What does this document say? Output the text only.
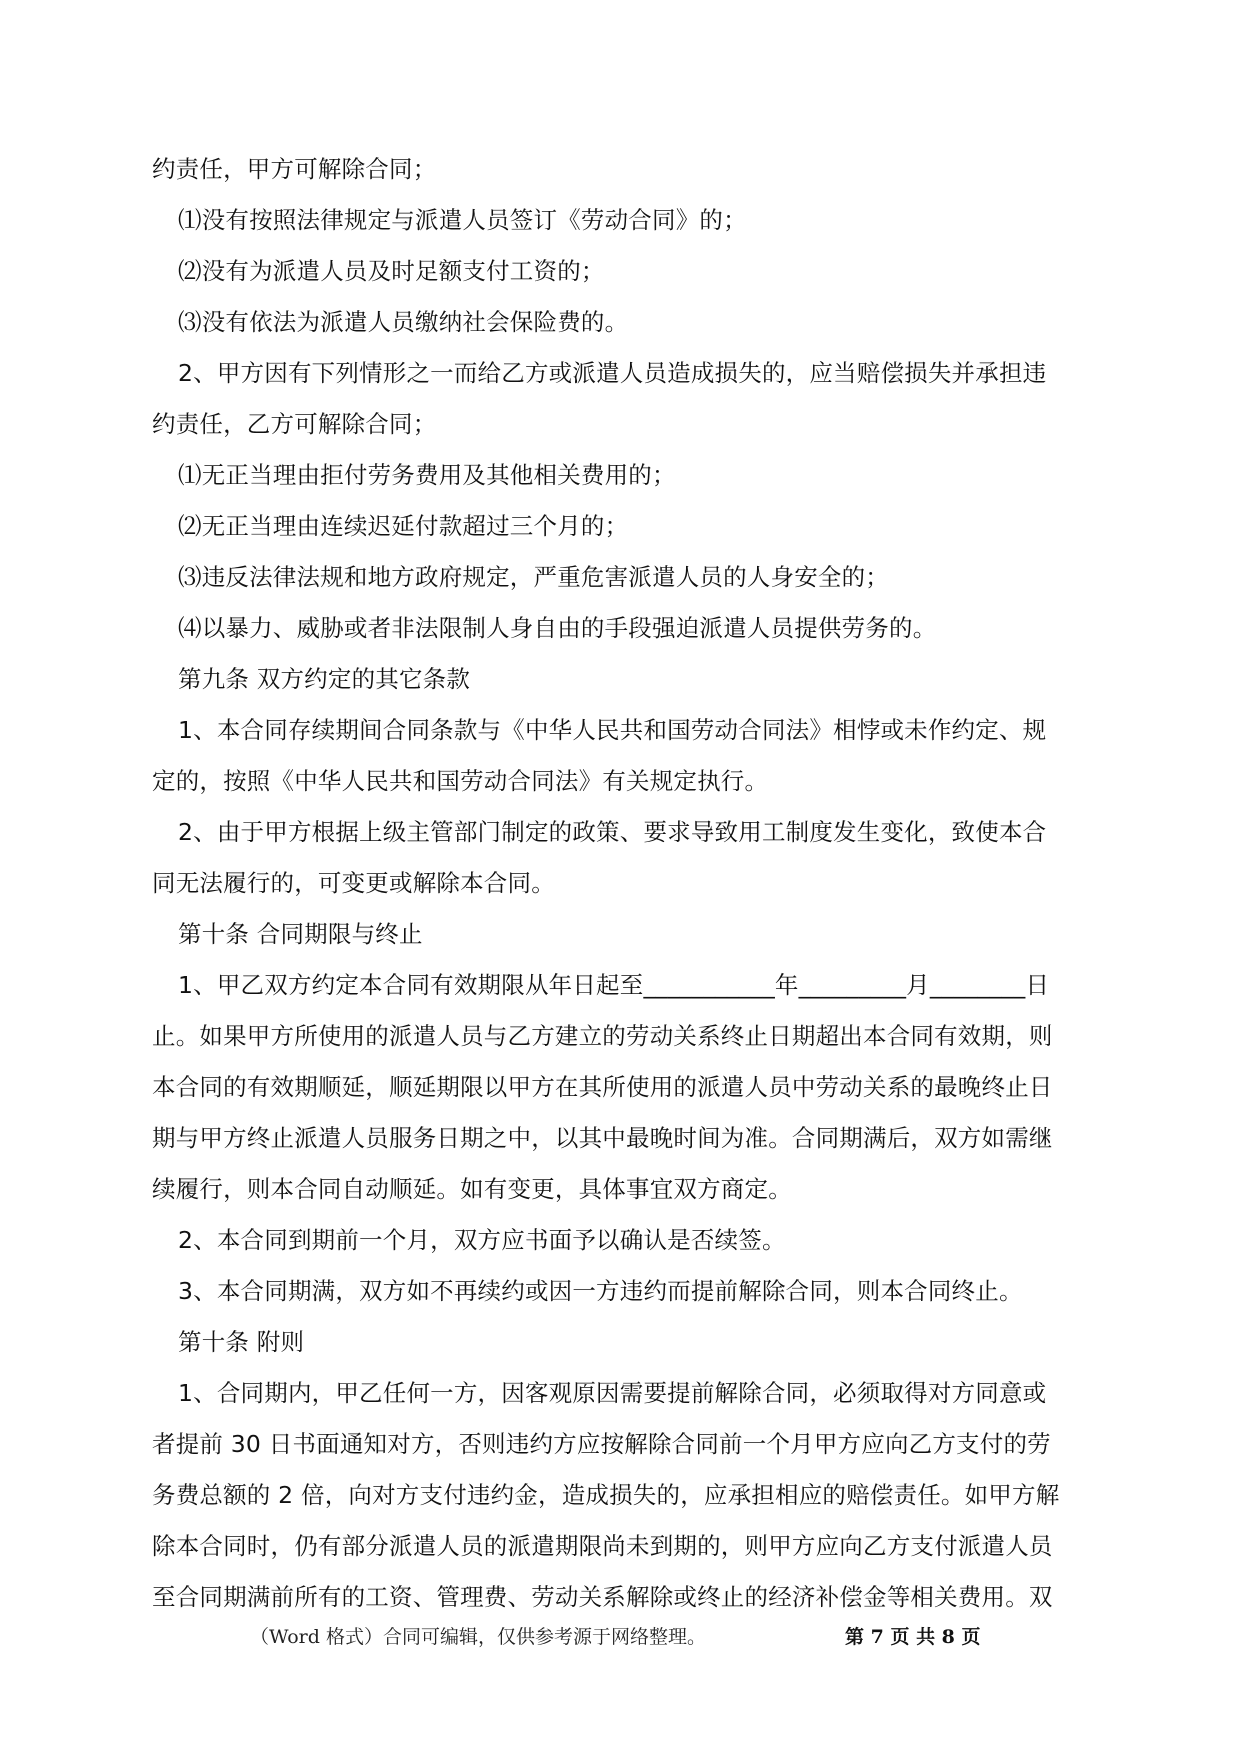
约责任，甲方可解除合同；
⑴没有按照法律规定与派遣人员签订《劳动合同》的；
⑵没有为派遣人员及时足额支付工资的；
⑶没有依法为派遣人员缴纳社会保险费的。
2、甲方因有下列情形之一而给乙方或派遣人员造成损失的，应当赔偿损失并承担违
约责任，乙方可解除合同；
⑴无正当理由拒付劳务费用及其他相关费用的；
⑵无正当理由连续迟延付款超过三个月的；
⑶违反法律法规和地方政府规定，严重危害派遣人员的人身安全的；
⑷以暴力、威胁或者非法限制人身自由的手段强迫派遣人员提供劳务的。
第九条 双方约定的其它条款
1、本合同存续期间合同条款与《中华人民共和国劳动合同法》相悖或未作约定、规
定的，按照《中华人民共和国劳动合同法》有关规定执行。
2、由于甲方根据上级主管部门制定的政策、要求导致用工制度发生变化，致使本合
同无法履行的，可变更或解除本合同。
第十条 合同期限与终止
1、甲乙双方约定本合同有效期限从年日起至___________年_________月________日
止。如果甲方所使用的派遣人员与乙方建立的劳动关系终止日期超出本合同有效期，则
本合同的有效期顺延，顺延期限以甲方在其所使用的派遣人员中劳动关系的最晚终止日
期与甲方终止派遣人员服务日期之中，以其中最晚时间为准。合同期满后，双方如需继
续履行，则本合同自动顺延。如有变更，具体事宜双方商定。
2、本合同到期前一个月，双方应书面予以确认是否续签。
3、本合同期满，双方如不再续约或因一方违约而提前解除合同，则本合同终止。
第十条 附则
1、合同期内，甲乙任何一方，因客观原因需要提前解除合同，必须取得对方同意或
者提前 30 日书面通知对方，否则违约方应按解除合同前一个月甲方应向乙方支付的劳
务费总额的 2 倍，向对方支付违约金，造成损失的，应承担相应的赔偿责任。如甲方解
除本合同时，仍有部分派遣人员的派遣期限尚未到期的，则甲方应向乙方支付派遣人员
至合同期满前所有的工资、管理费、劳动关系解除或终止的经济补偿金等相关费用。双
（Word 格式）合同可编辑，仅供参考源于网络整理。	第 7 页 共 8 页
